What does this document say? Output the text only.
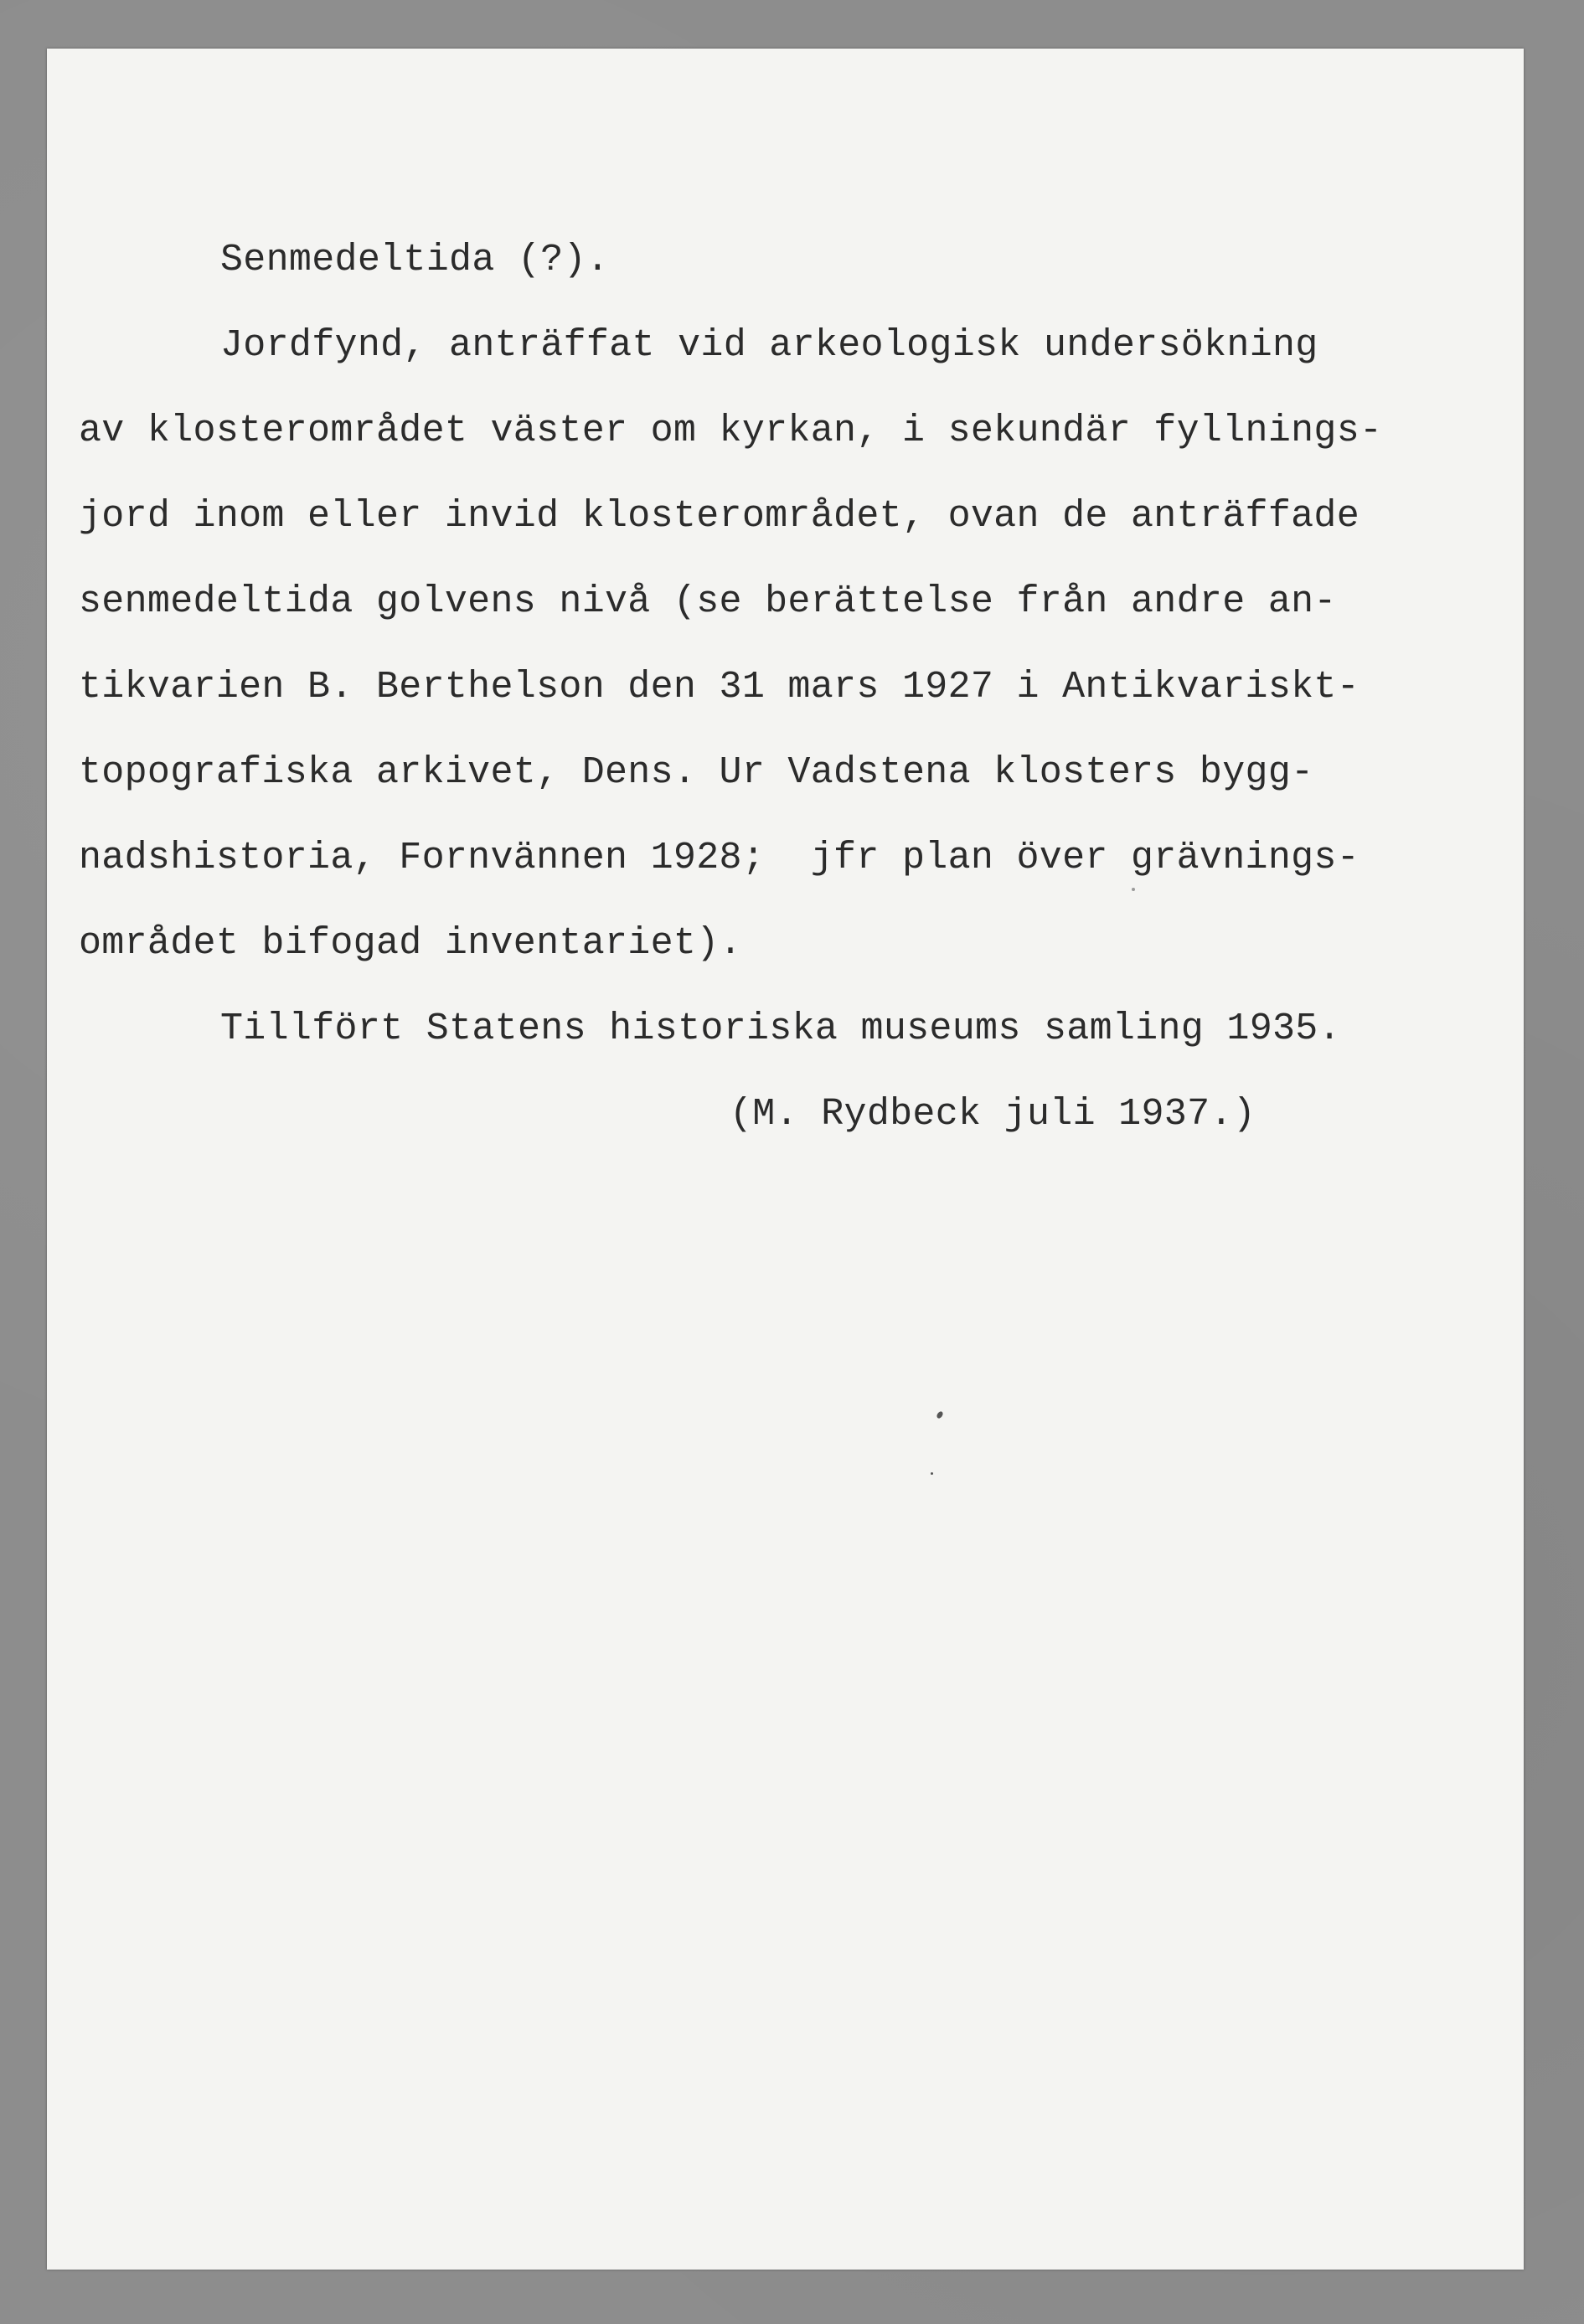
Senmedeltida (?).

Jordfynd, anträffat vid arkeologisk undersökning

av klosterområdet väster om kyrkan, i sekundär fyllnings-

jord inom eller invid klosterområdet, ovan de anträffade

senmedeltida golvens nivå (se berättelse från andre an-

tikvarien B. Berthelson den 31 mars 1927 i Antikvariskt-

topografiska arkivet, Dens. Ur Vadstena klosters bygg-

nadshistoria, Fornvännen 1928;  jfr plan över grävnings-

området bifogad inventariet).

Tillfört Statens historiska museums samling 1935.

(M. Rydbeck juli 1937.)
